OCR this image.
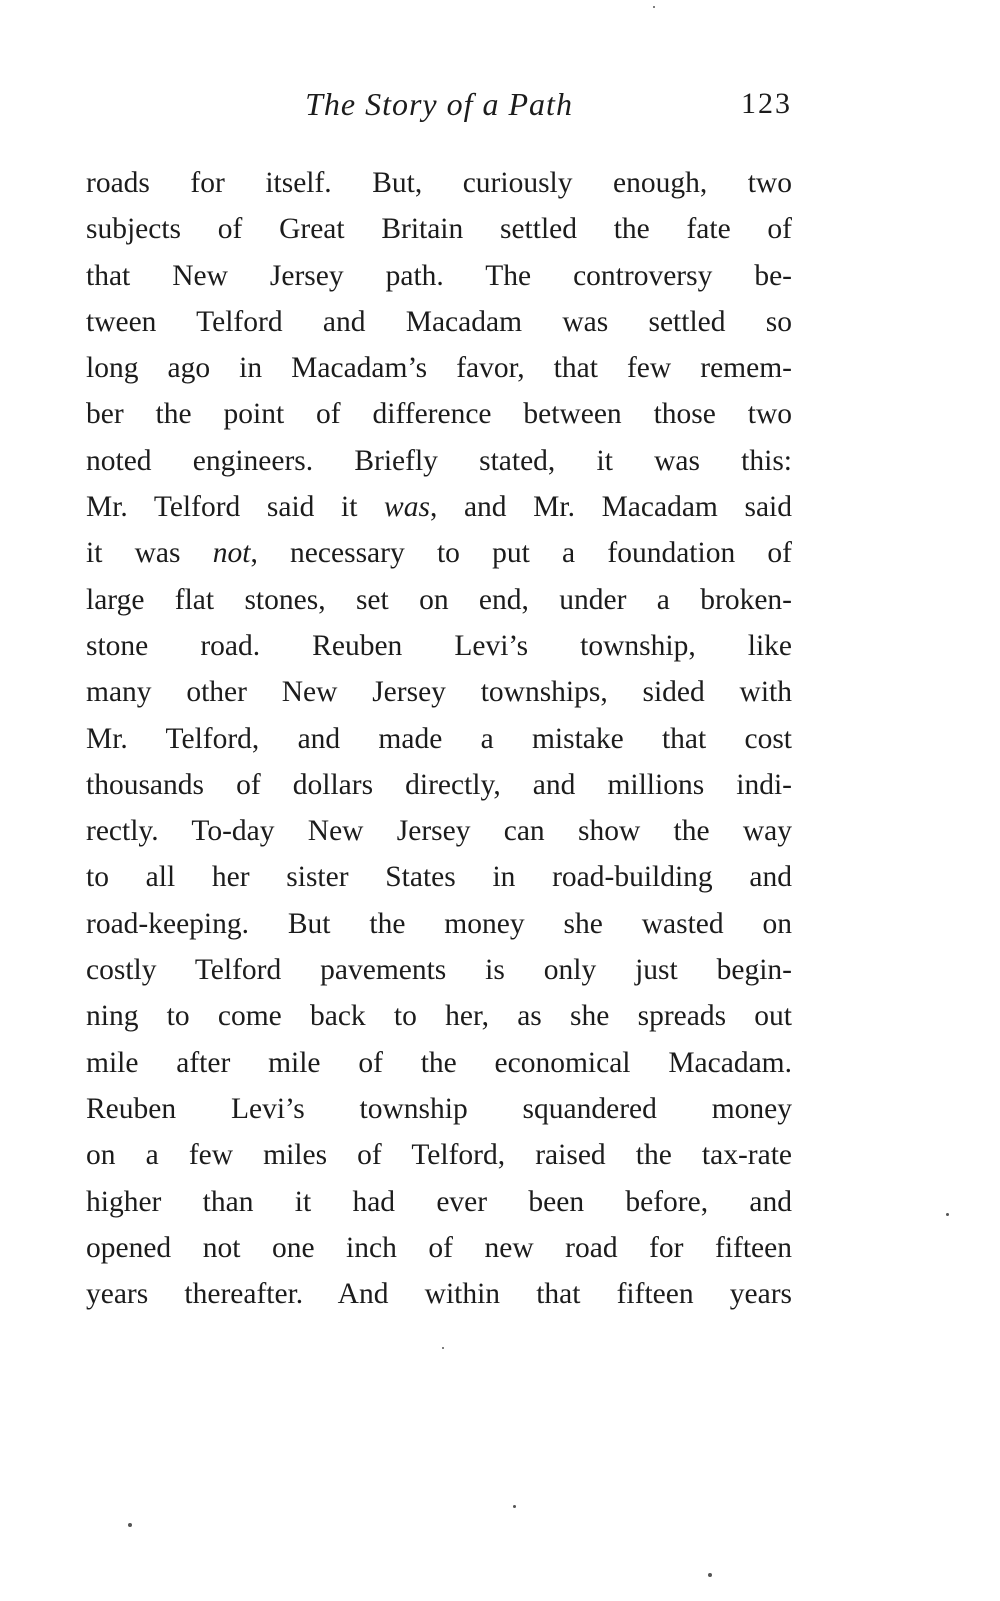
The Story of a Path	123
roads for itself. But, curiously enough, two
subjects of Great Britain settled the fate of
that New Jersey path. The controversy be-
tween Telford and Macadam was settled so
long ago in Macadam’s favor, that few remem-
ber the point of difference between those two
noted engineers. Briefly stated, it was this:
Mr. Telford said it was, and Mr. Macadam said
it was not, necessary to put a foundation of
large flat stones, set on end, under a broken-
stone road. Reuben Levi’s township, like
many other New Jersey townships, sided with
Mr. Telford, and made a mistake that cost
thousands of dollars directly, and millions indi-
rectly. To-day New Jersey can show the way
to all her sister States in road-building and
road-keeping. But the money she wasted on
costly Telford pavements is only just begin-
ning to come back to her, as she spreads out
mile after mile of the economical Macadam.
Reuben Levi’s township squandered money
on a few miles of Telford, raised the tax-rate
higher than it had ever been before, and
opened not one inch of new road for fifteen
years thereafter. And within that fifteen years
